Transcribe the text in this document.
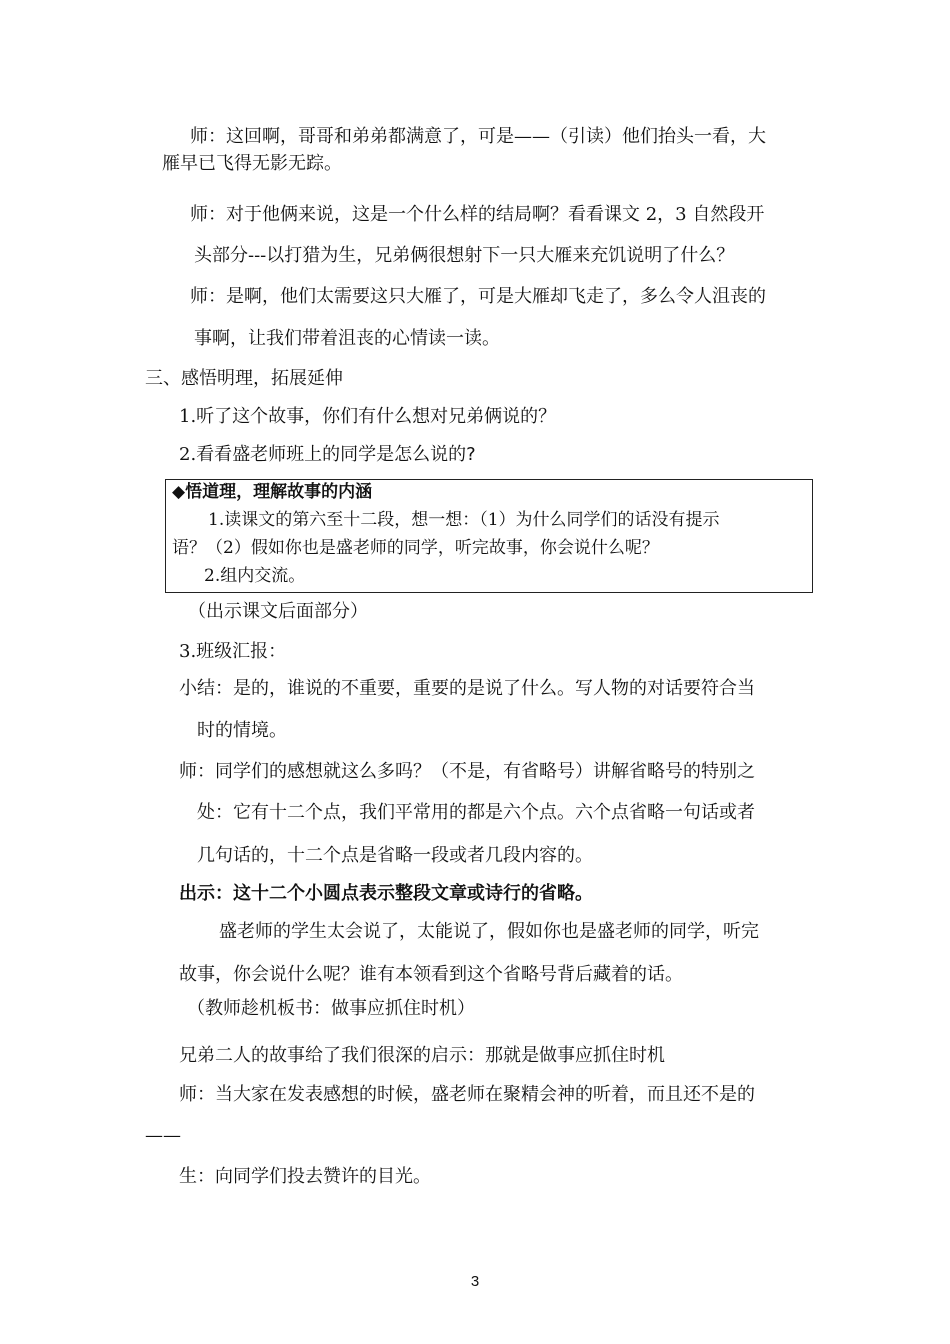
师：这回啊，哥哥和弟弟都满意了，可是——（引读）他们抬头一看，大
雁早已飞得无影无踪。
师：对于他俩来说，这是一个什么样的结局啊？看看课文 2，3 自然段开
头部分---以打猎为生，兄弟俩很想射下一只大雁来充饥说明了什么？
师：是啊，他们太需要这只大雁了，可是大雁却飞走了，多么令人沮丧的
事啊，让我们带着沮丧的心情读一读。
三、感悟明理，拓展延伸
1.听了这个故事，你们有什么想对兄弟俩说的？
2.看看盛老师班上的同学是怎么说的?
◆悟道理，理解故事的内涵
1.读课文的第六至十二段，想一想：（1）为什么同学们的话没有提示
语？（2）假如你也是盛老师的同学，听完故事，你会说什么呢？
2.组内交流。
（出示课文后面部分）
3.班级汇报：
小结：是的，谁说的不重要，重要的是说了什么。写人物的对话要符合当
时的情境。
师：同学们的感想就这么多吗？（不是，有省略号）讲解省略号的特别之
处：它有十二个点，我们平常用的都是六个点。六个点省略一句话或者
几句话的，十二个点是省略一段或者几段内容的。
出示：这十二个小圆点表示整段文章或诗行的省略。
盛老师的学生太会说了，太能说了，假如你也是盛老师的同学，听完
故事，你会说什么呢？谁有本领看到这个省略号背后藏着的话。
（教师趁机板书：做事应抓住时机）
兄弟二人的故事给了我们很深的启示：那就是做事应抓住时机
师：当大家在发表感想的时候，盛老师在聚精会神的听着，而且还不是的
——
生：向同学们投去赞许的目光。
3
